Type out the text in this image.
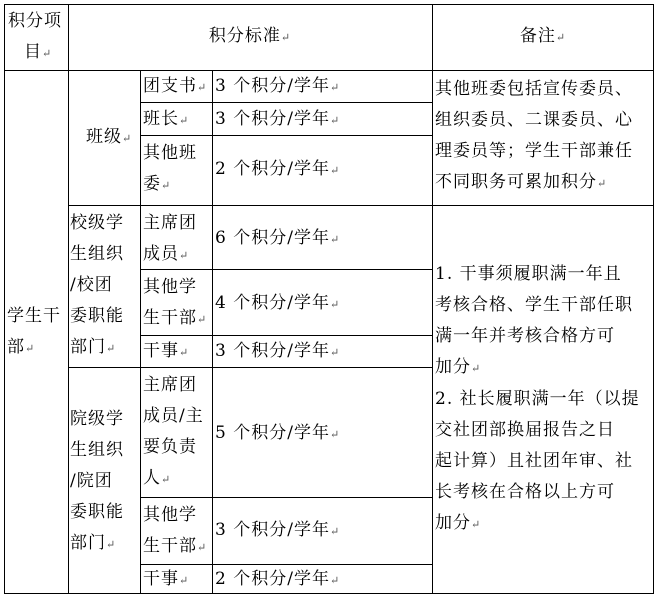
积分项
目↵
积分标准↵	备注↵
学生干
部↵
班级↵
校级学
生组织
/校团
委职能
部门↵
院级学
生组织
/院团
委职能
部门↵
团支书↵
班长↵
其他班
委↵
主席团
成员↵
其他学
生干部↵
干事↵
主席团
成员/主
要负责
人↵
其他学
生干部↵
干事↵
3 个积分/学年↵
3 个积分/学年↵
2 个积分/学年↵
6 个积分/学年↵
4 个积分/学年↵
3 个积分/学年↵
5 个积分/学年↵
3 个积分/学年↵
2 个积分/学年↵
其他班委包括宣传委员、
组织委员、二课委员、心
理委员等；学生干部兼任
不同职务可累加积分↵
1. 干事须履职满一年且
考核合格、学生干部任职
满一年并考核合格方可
加分↵
2. 社长履职满一年（以提
交社团部换届报告之日
起计算）且社团年审、社
长考核在合格以上方可
加分↵
